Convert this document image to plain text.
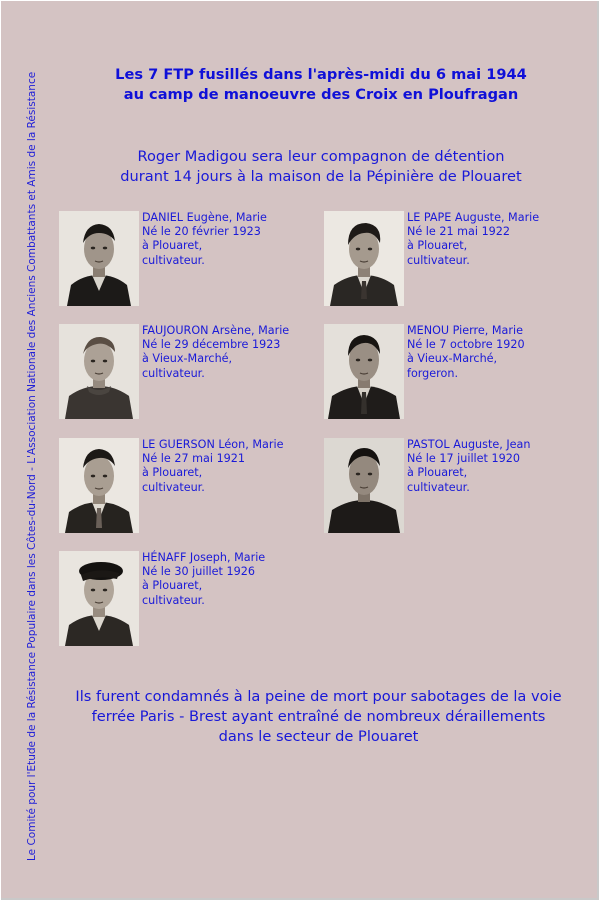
Le Comité pour l'Etude de la Résistance Populaire dans les Côtes-du-Nord - L'Association Nationale des Anciens Combattants et Amis de la Résistance	Les 7 FTP fusillés dans l'après-midi du 6 mai 1944
au camp de manoeuvre des Croix en Ploufragan
Roger Madigou sera leur compagnon de détention
durant 14 jours à la maison de la Pépinière de Plouaret
DANIEL Eugène, Marie
Né le 20 février 1923
à Plouaret,
cultivateur.
LE PAPE Auguste, Marie
Né le 21 mai 1922
à Plouaret,
cultivateur.
FAUJOURON Arsène, Marie
Né le 29 décembre 1923
à Vieux-Marché,
cultivateur.
MENOU Pierre, Marie
Né le 7 octobre 1920
à Vieux-Marché,
forgeron.
LE GUERSON Léon, Marie
Né le 27 mai 1921
à Plouaret,
cultivateur.
PASTOL Auguste, Jean
Né le 17 juillet 1920
à Plouaret,
cultivateur.
HÉNAFF Joseph, Marie
Né le 30 juillet 1926
à Plouaret,
cultivateur.
Ils furent condamnés à la peine de mort pour sabotages de la voie
ferrée Paris - Brest ayant entraîné de nombreux déraillements
dans le secteur de Plouaret
